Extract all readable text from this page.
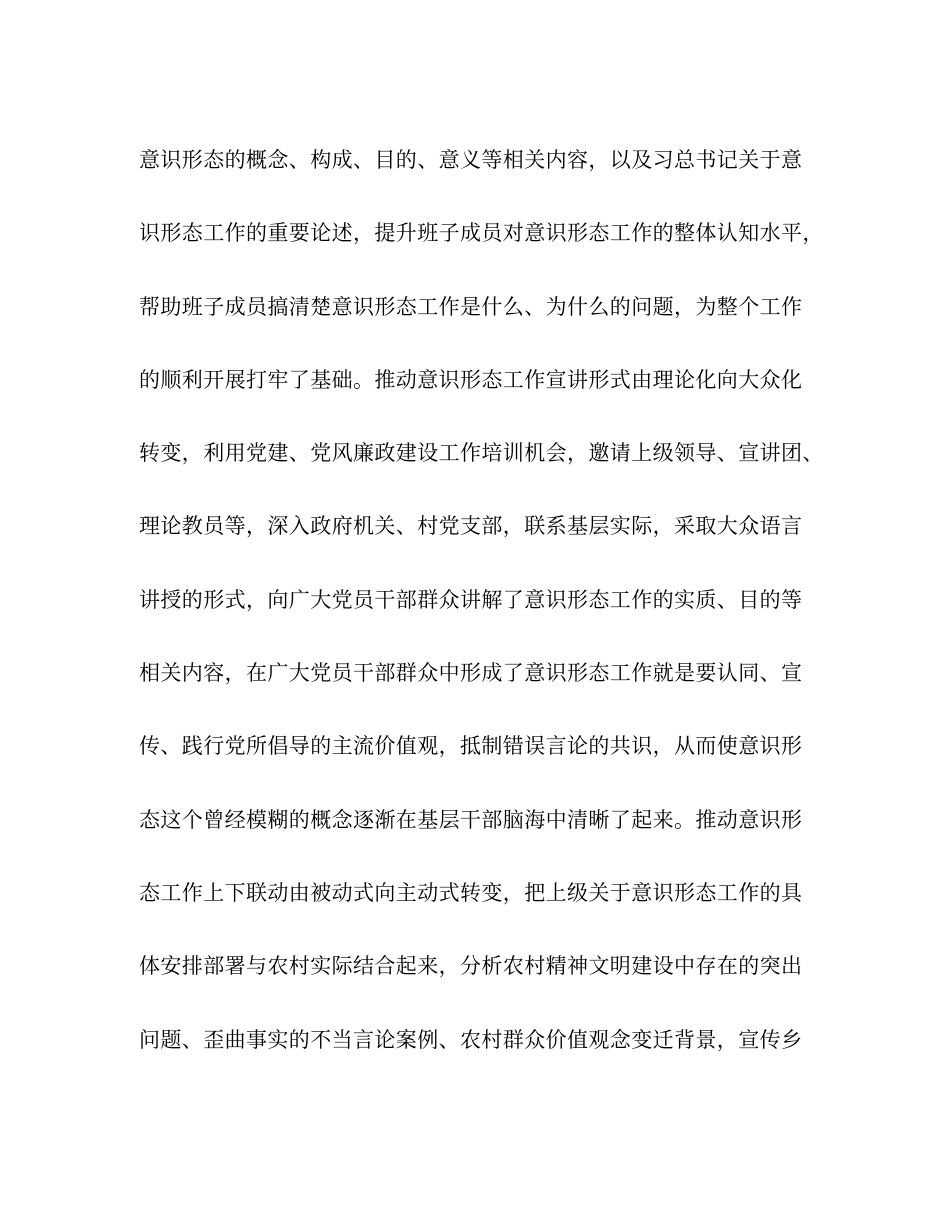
意识形态的概念、构成、目的、意义等相关内容，以及习总书记关于意
识形态工作的重要论述，提升班子成员对意识形态工作的整体认知水平，
帮助班子成员搞清楚意识形态工作是什么、为什么的问题，为整个工作
的顺利开展打牢了基础。推动意识形态工作宣讲形式由理论化向大众化
转变，利用党建、党风廉政建设工作培训机会，邀请上级领导、宣讲团、
理论教员等，深入政府机关、村党支部，联系基层实际，采取大众语言
讲授的形式，向广大党员干部群众讲解了意识形态工作的实质、目的等
相关内容，在广大党员干部群众中形成了意识形态工作就是要认同、宣
传、践行党所倡导的主流价值观，抵制错误言论的共识，从而使意识形
态这个曾经模糊的概念逐渐在基层干部脑海中清晰了起来。推动意识形
态工作上下联动由被动式向主动式转变，把上级关于意识形态工作的具
体安排部署与农村实际结合起来，分析农村精神文明建设中存在的突出
问题、歪曲事实的不当言论案例、农村群众价值观念变迁背景，宣传乡
